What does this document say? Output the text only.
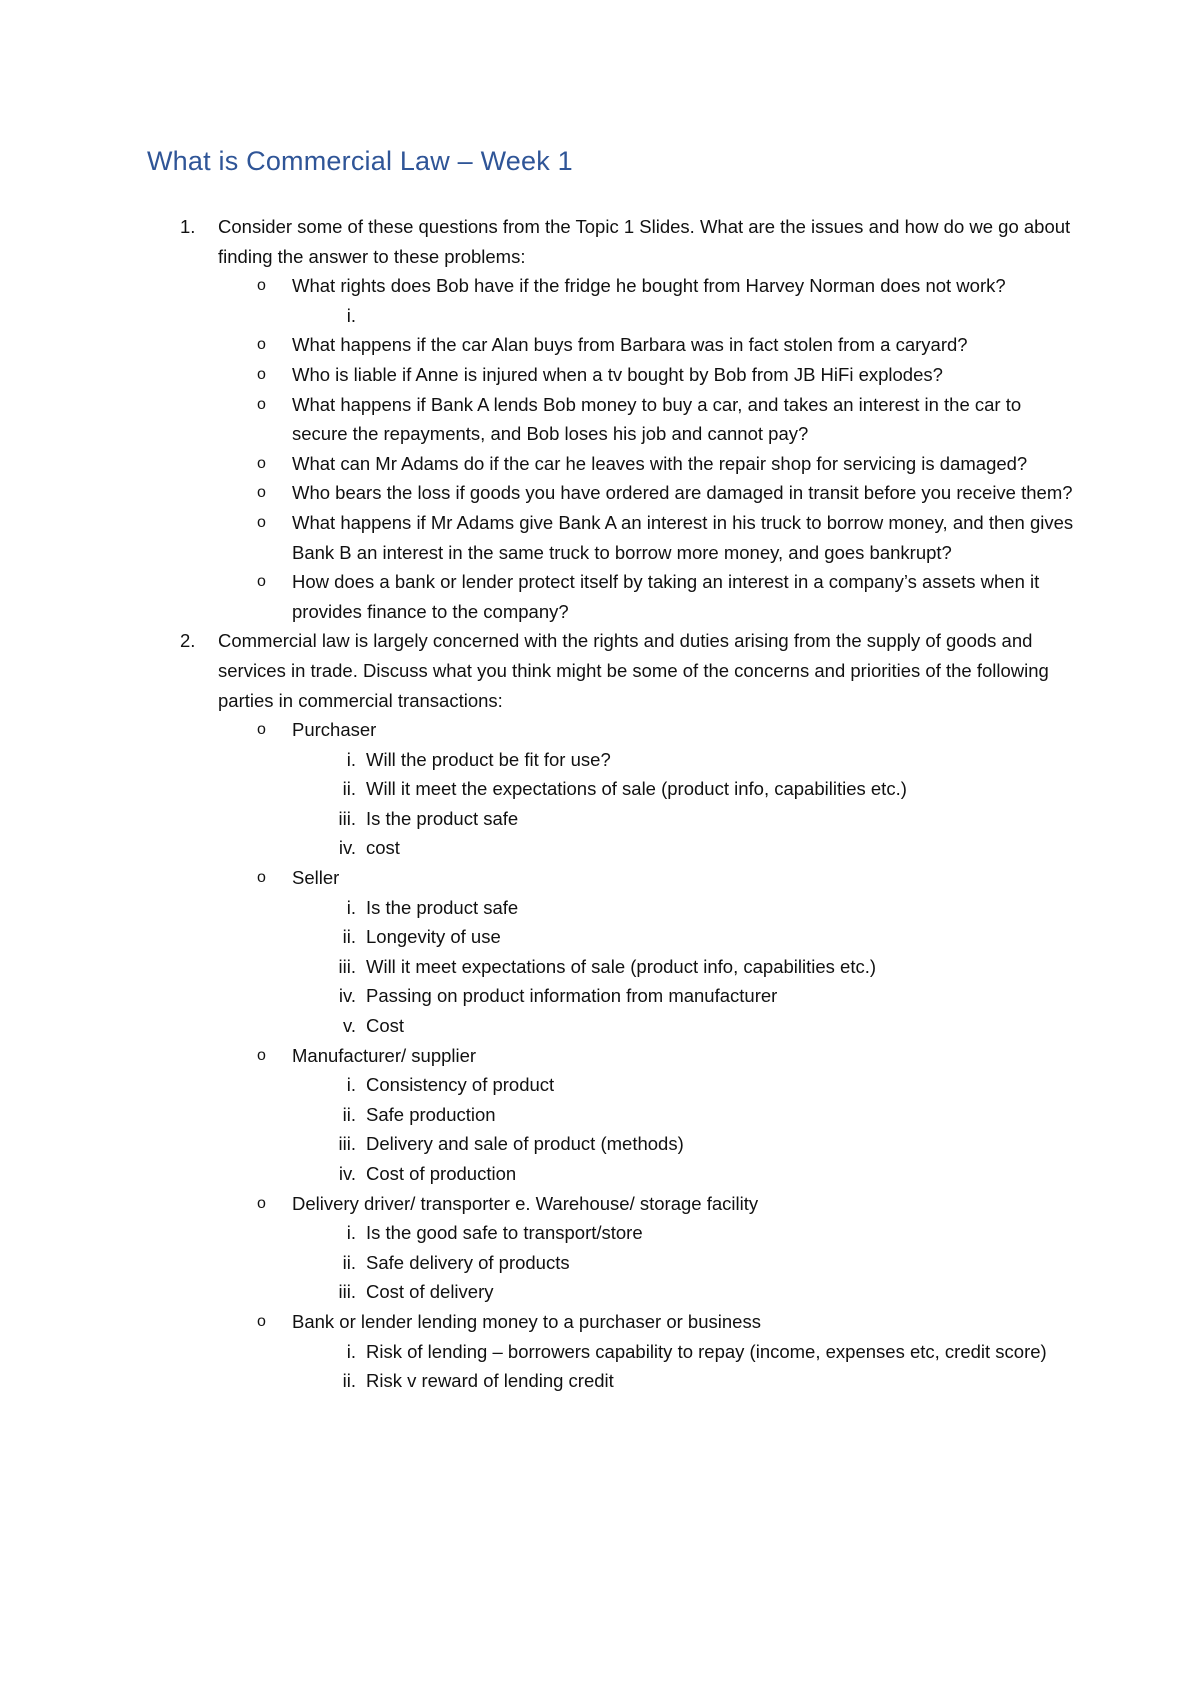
What is Commercial Law – Week 1
1.	Consider some of these questions from the Topic 1 Slides. What are the issues and how do we go about finding the answer to these problems:
o What rights does Bob have if the fridge he bought from Harvey Norman does not work?
i.
o What happens if the car Alan buys from Barbara was in fact stolen from a caryard?
o Who is liable if Anne is injured when a tv bought by Bob from JB HiFi explodes?
o What happens if Bank A lends Bob money to buy a car, and takes an interest in the car to secure the repayments, and Bob loses his job and cannot pay?
o What can Mr Adams do if the car he leaves with the repair shop for servicing is damaged?
o Who bears the loss if goods you have ordered are damaged in transit before you receive them?
o What happens if Mr Adams give Bank A an interest in his truck to borrow money, and then gives Bank B an interest in the same truck to borrow more money, and goes bankrupt?
o How does a bank or lender protect itself by taking an interest in a company’s assets when it provides finance to the company?
2.	Commercial law is largely concerned with the rights and duties arising from the supply of goods and services in trade. Discuss what you think might be some of the concerns and priorities of the following parties in commercial transactions:
o Purchaser
i. Will the product be fit for use?
ii. Will it meet the expectations of sale (product info, capabilities etc.)
iii. Is the product safe
iv. cost
o Seller
i. Is the product safe
ii. Longevity of use
iii. Will it meet expectations of sale (product info, capabilities etc.)
iv. Passing on product information from manufacturer
v. Cost
o Manufacturer/ supplier
i. Consistency of product
ii. Safe production
iii. Delivery and sale of product (methods)
iv. Cost of production
o Delivery driver/ transporter e. Warehouse/ storage facility
i. Is the good safe to transport/store
ii. Safe delivery of products
iii. Cost of delivery
o Bank or lender lending money to a purchaser or business
i. Risk of lending – borrowers capability to repay (income, expenses etc, credit score)
ii. Risk v reward of lending credit
